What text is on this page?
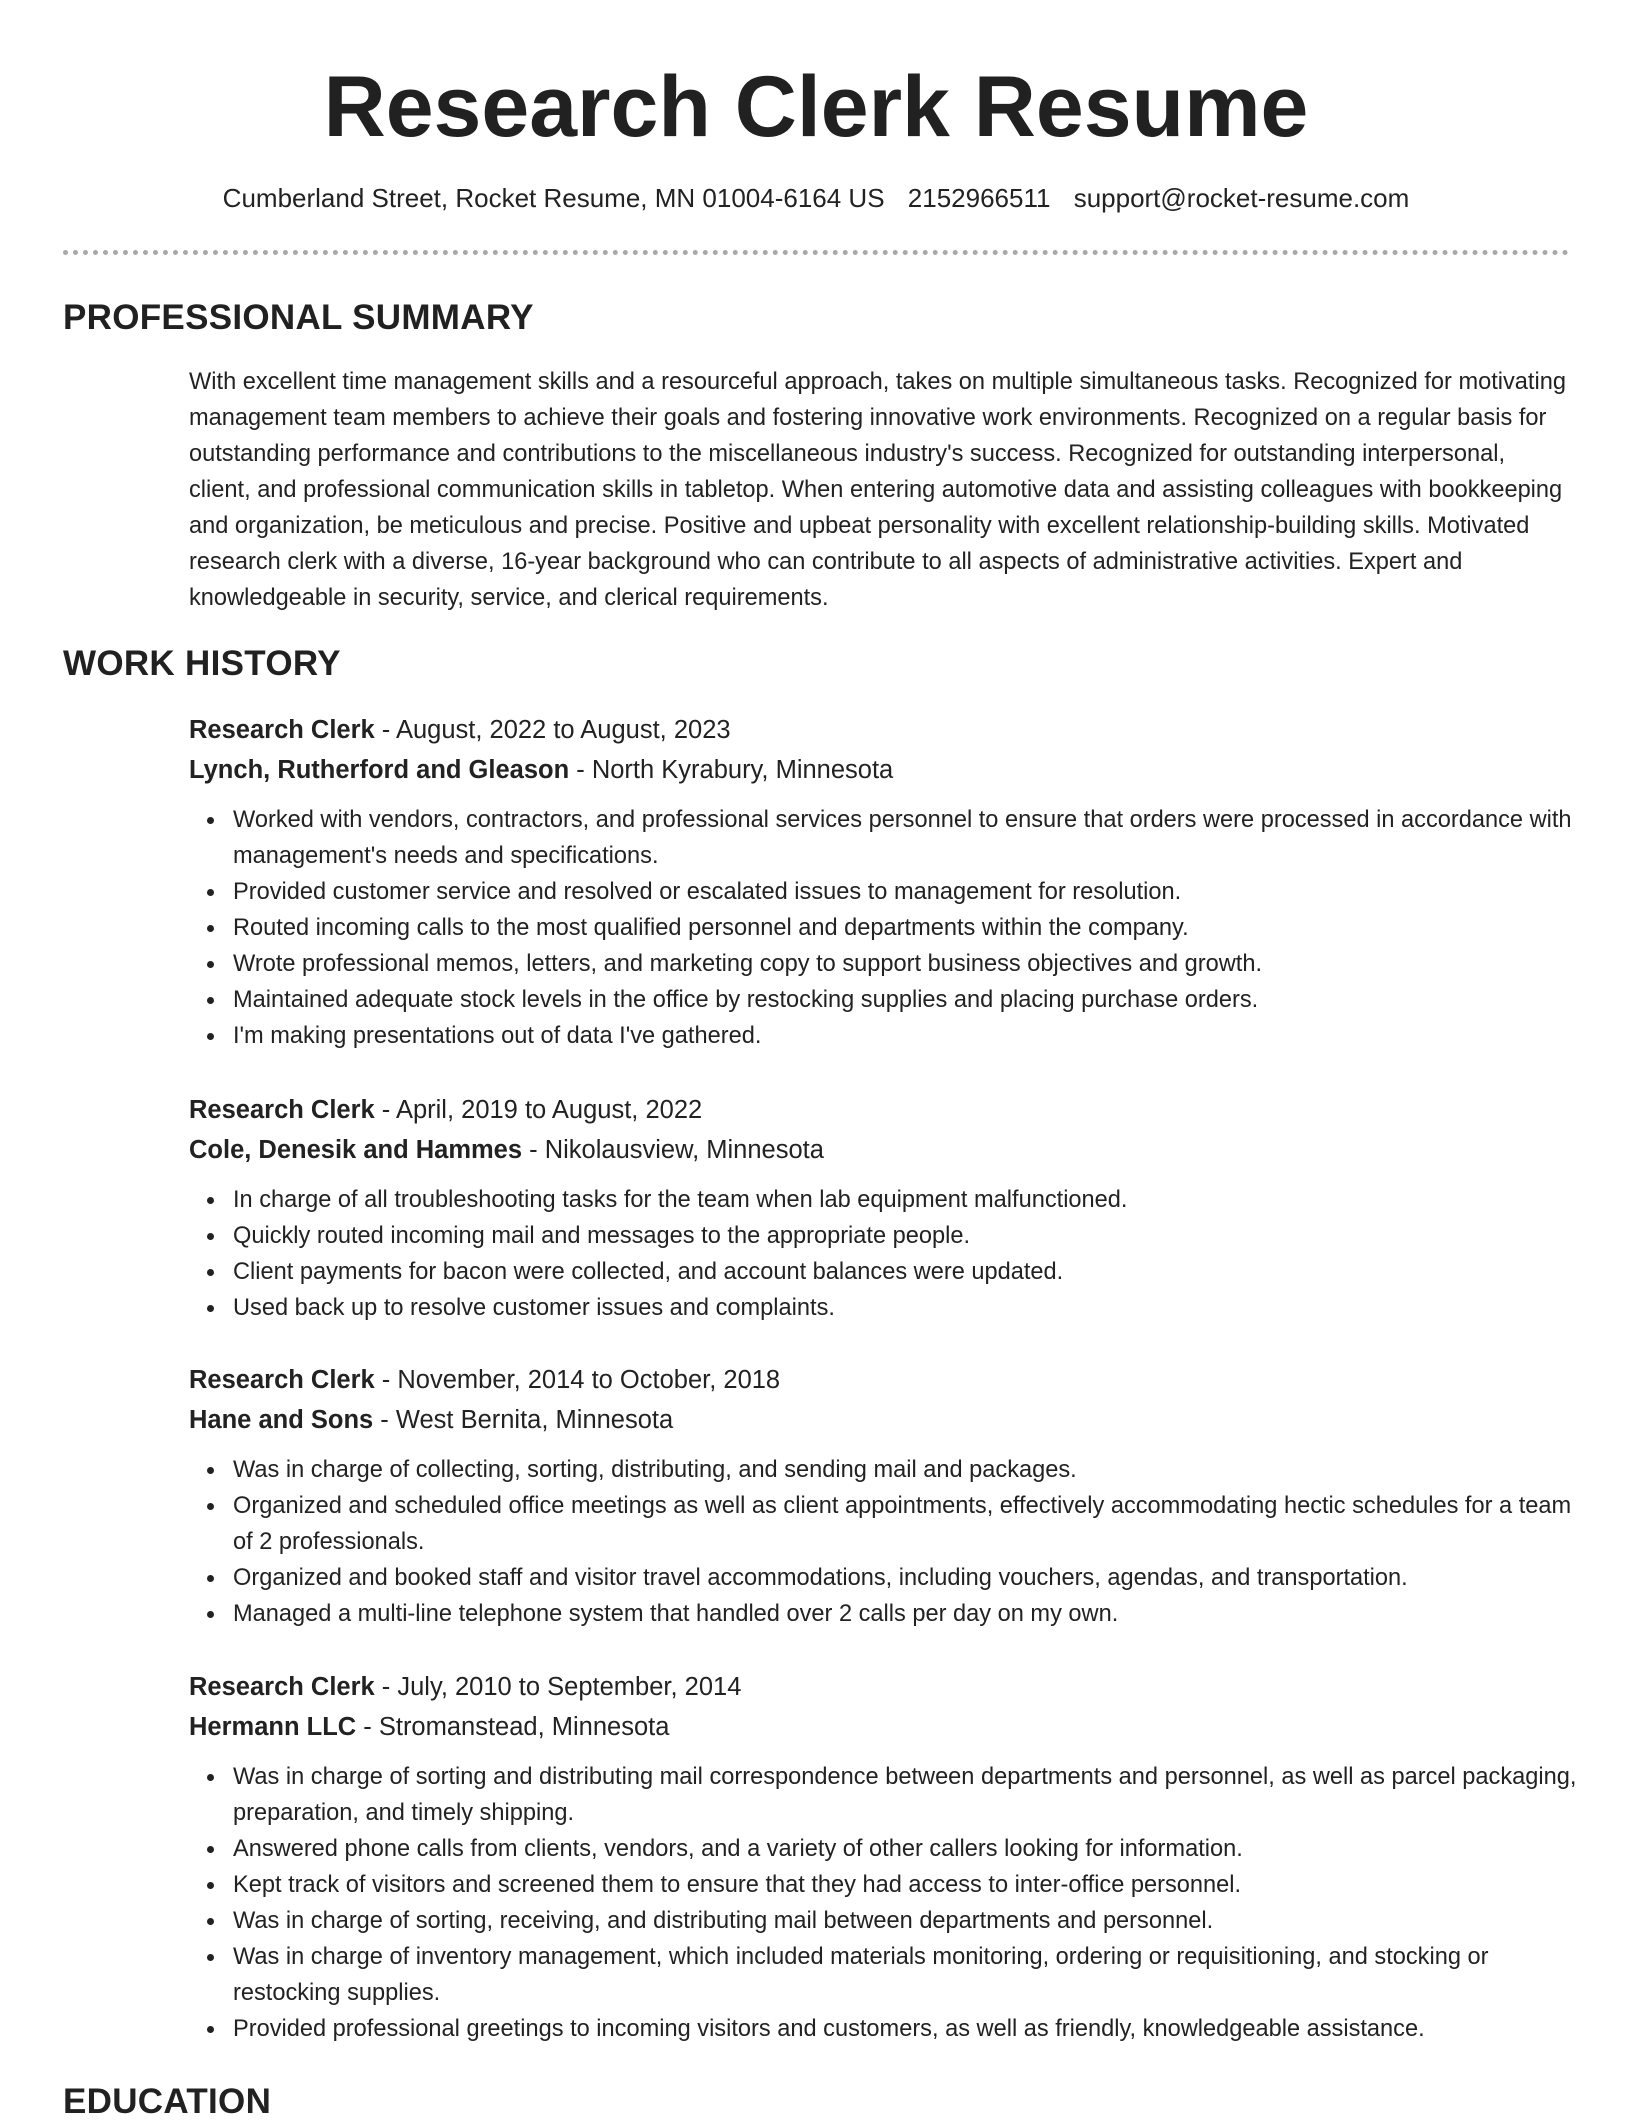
Research Clerk Resume
Cumberland Street, Rocket Resume, MN 01004-6164 US 2152966511 support@rocket-resume.com
PROFESSIONAL SUMMARY
With excellent time management skills and a resourceful approach, takes on multiple simultaneous tasks. Recognized for motivating management team members to achieve their goals and fostering innovative work environments. Recognized on a regular basis for outstanding performance and contributions to the miscellaneous industry's success. Recognized for outstanding interpersonal, client, and professional communication skills in tabletop. When entering automotive data and assisting colleagues with bookkeeping and organization, be meticulous and precise. Positive and upbeat personality with excellent relationship-building skills. Motivated research clerk with a diverse, 16-year background who can contribute to all aspects of administrative activities. Expert and knowledgeable in security, service, and clerical requirements.
WORK HISTORY
Research Clerk - August, 2022 to August, 2023
Lynch, Rutherford and Gleason - North Kyrabury, Minnesota
Worked with vendors, contractors, and professional services personnel to ensure that orders were processed in accordance with management's needs and specifications.
Provided customer service and resolved or escalated issues to management for resolution.
Routed incoming calls to the most qualified personnel and departments within the company.
Wrote professional memos, letters, and marketing copy to support business objectives and growth.
Maintained adequate stock levels in the office by restocking supplies and placing purchase orders.
I'm making presentations out of data I've gathered.
Research Clerk - April, 2019 to August, 2022
Cole, Denesik and Hammes - Nikolausview, Minnesota
In charge of all troubleshooting tasks for the team when lab equipment malfunctioned.
Quickly routed incoming mail and messages to the appropriate people.
Client payments for bacon were collected, and account balances were updated.
Used back up to resolve customer issues and complaints.
Research Clerk - November, 2014 to October, 2018
Hane and Sons - West Bernita, Minnesota
Was in charge of collecting, sorting, distributing, and sending mail and packages.
Organized and scheduled office meetings as well as client appointments, effectively accommodating hectic schedules for a team of 2 professionals.
Organized and booked staff and visitor travel accommodations, including vouchers, agendas, and transportation.
Managed a multi-line telephone system that handled over 2 calls per day on my own.
Research Clerk - July, 2010 to September, 2014
Hermann LLC - Stromanstead, Minnesota
Was in charge of sorting and distributing mail correspondence between departments and personnel, as well as parcel packaging, preparation, and timely shipping.
Answered phone calls from clients, vendors, and a variety of other callers looking for information.
Kept track of visitors and screened them to ensure that they had access to inter-office personnel.
Was in charge of sorting, receiving, and distributing mail between departments and personnel.
Was in charge of inventory management, which included materials monitoring, ordering or requisitioning, and stocking or restocking supplies.
Provided professional greetings to incoming visitors and customers, as well as friendly, knowledgeable assistance.
EDUCATION
